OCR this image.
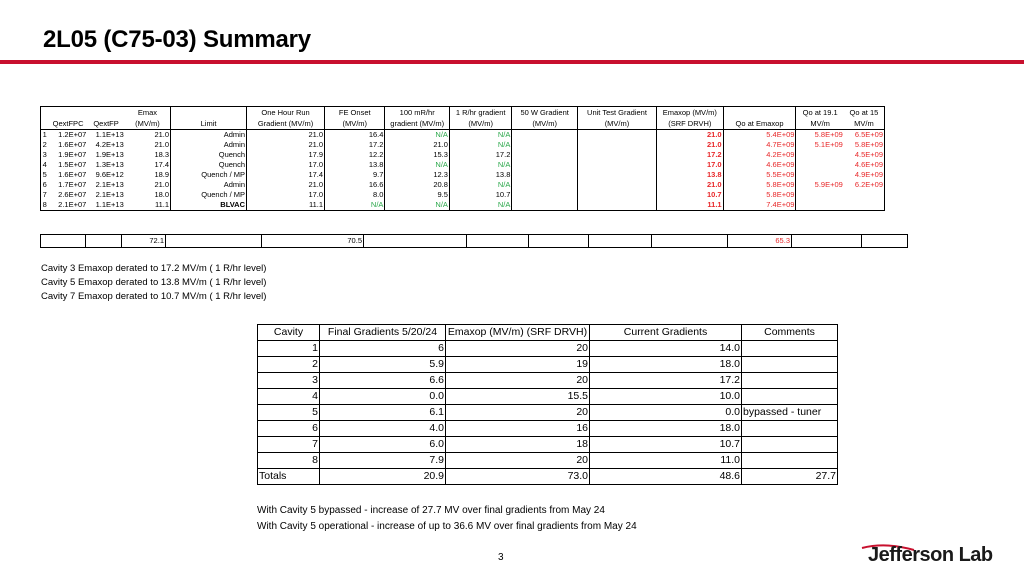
2L05 (C75-03) Summary
	QextFPC	QextFP	Emax (MV/m)	Limit	One Hour Run Gradient (MV/m)	FE Onset (MV/m)	100 mR/hr gradient (MV/m)	1 R/hr gradient (MV/m)	50 W Gradient (MV/m)	Unit Test Gradient (MV/m)	Emaxop (MV/m) (SRF DRVH)	Qo at Emaxop	Qo at 19.1 MV/m	Qo at 15 MV/m
1	1.2E+07	1.1E+13	21.0	Admin	21.0	16.4	N/A	N/A			21.0	5.4E+09	5.8E+09	6.5E+09
2	1.6E+07	4.2E+13	21.0	Admin	21.0	17.2	21.0	N/A			21.0	4.7E+09	5.1E+09	5.8E+09
3	1.9E+07	1.9E+13	18.3	Quench	17.9	12.2	15.3	17.2			17.2	4.2E+09		4.5E+09
4	1.5E+07	1.3E+13	17.4	Quench	17.0	13.8	N/A	N/A			17.0	4.6E+09		4.6E+09
5	1.6E+07	9.6E+12	18.9	Quench / MP	17.4	9.7	12.3	13.8			13.8	5.5E+09		4.9E+09
6	1.7E+07	2.1E+13	21.0	Admin	21.0	16.6	20.8	N/A			21.0	5.8E+09	5.9E+09	6.2E+09
7	2.6E+07	2.1E+13	18.0	Quench / MP	17.0	8.0	9.5	10.7			10.7	5.8E+09		
8	2.1E+07	1.1E+13	11.1	BLVAC	11.1	N/A	N/A	N/A			11.1	7.4E+09		
		72.1		70.5						65.3		
Cavity 3 Emaxop derated to 17.2 MV/m ( 1 R/hr level)
Cavity 5 Emaxop derated to 13.8 MV/m ( 1 R/hr level)
Cavity 7 Emaxop derated to 10.7 MV/m ( 1 R/hr level)
Cavity	Final Gradients 5/20/24	Emaxop (MV/m) (SRF DRVH)	Current Gradients	Comments
1	6	20	14.0	
2	5.9	19	18.0	
3	6.6	20	17.2	
4	0.0	15.5	10.0	
5	6.1	20	0.0	bypassed - tuner
6	4.0	16	18.0	
7	6.0	18	10.7	
8	7.9	20	11.0	
Totals	20.9	73.0	48.6	27.7
With Cavity 5 bypassed - increase of 27.7 MV over final gradients from May 24
With Cavity 5 operational - increase of up to 36.6 MV over final gradients from May 24
3	Jefferson Lab
